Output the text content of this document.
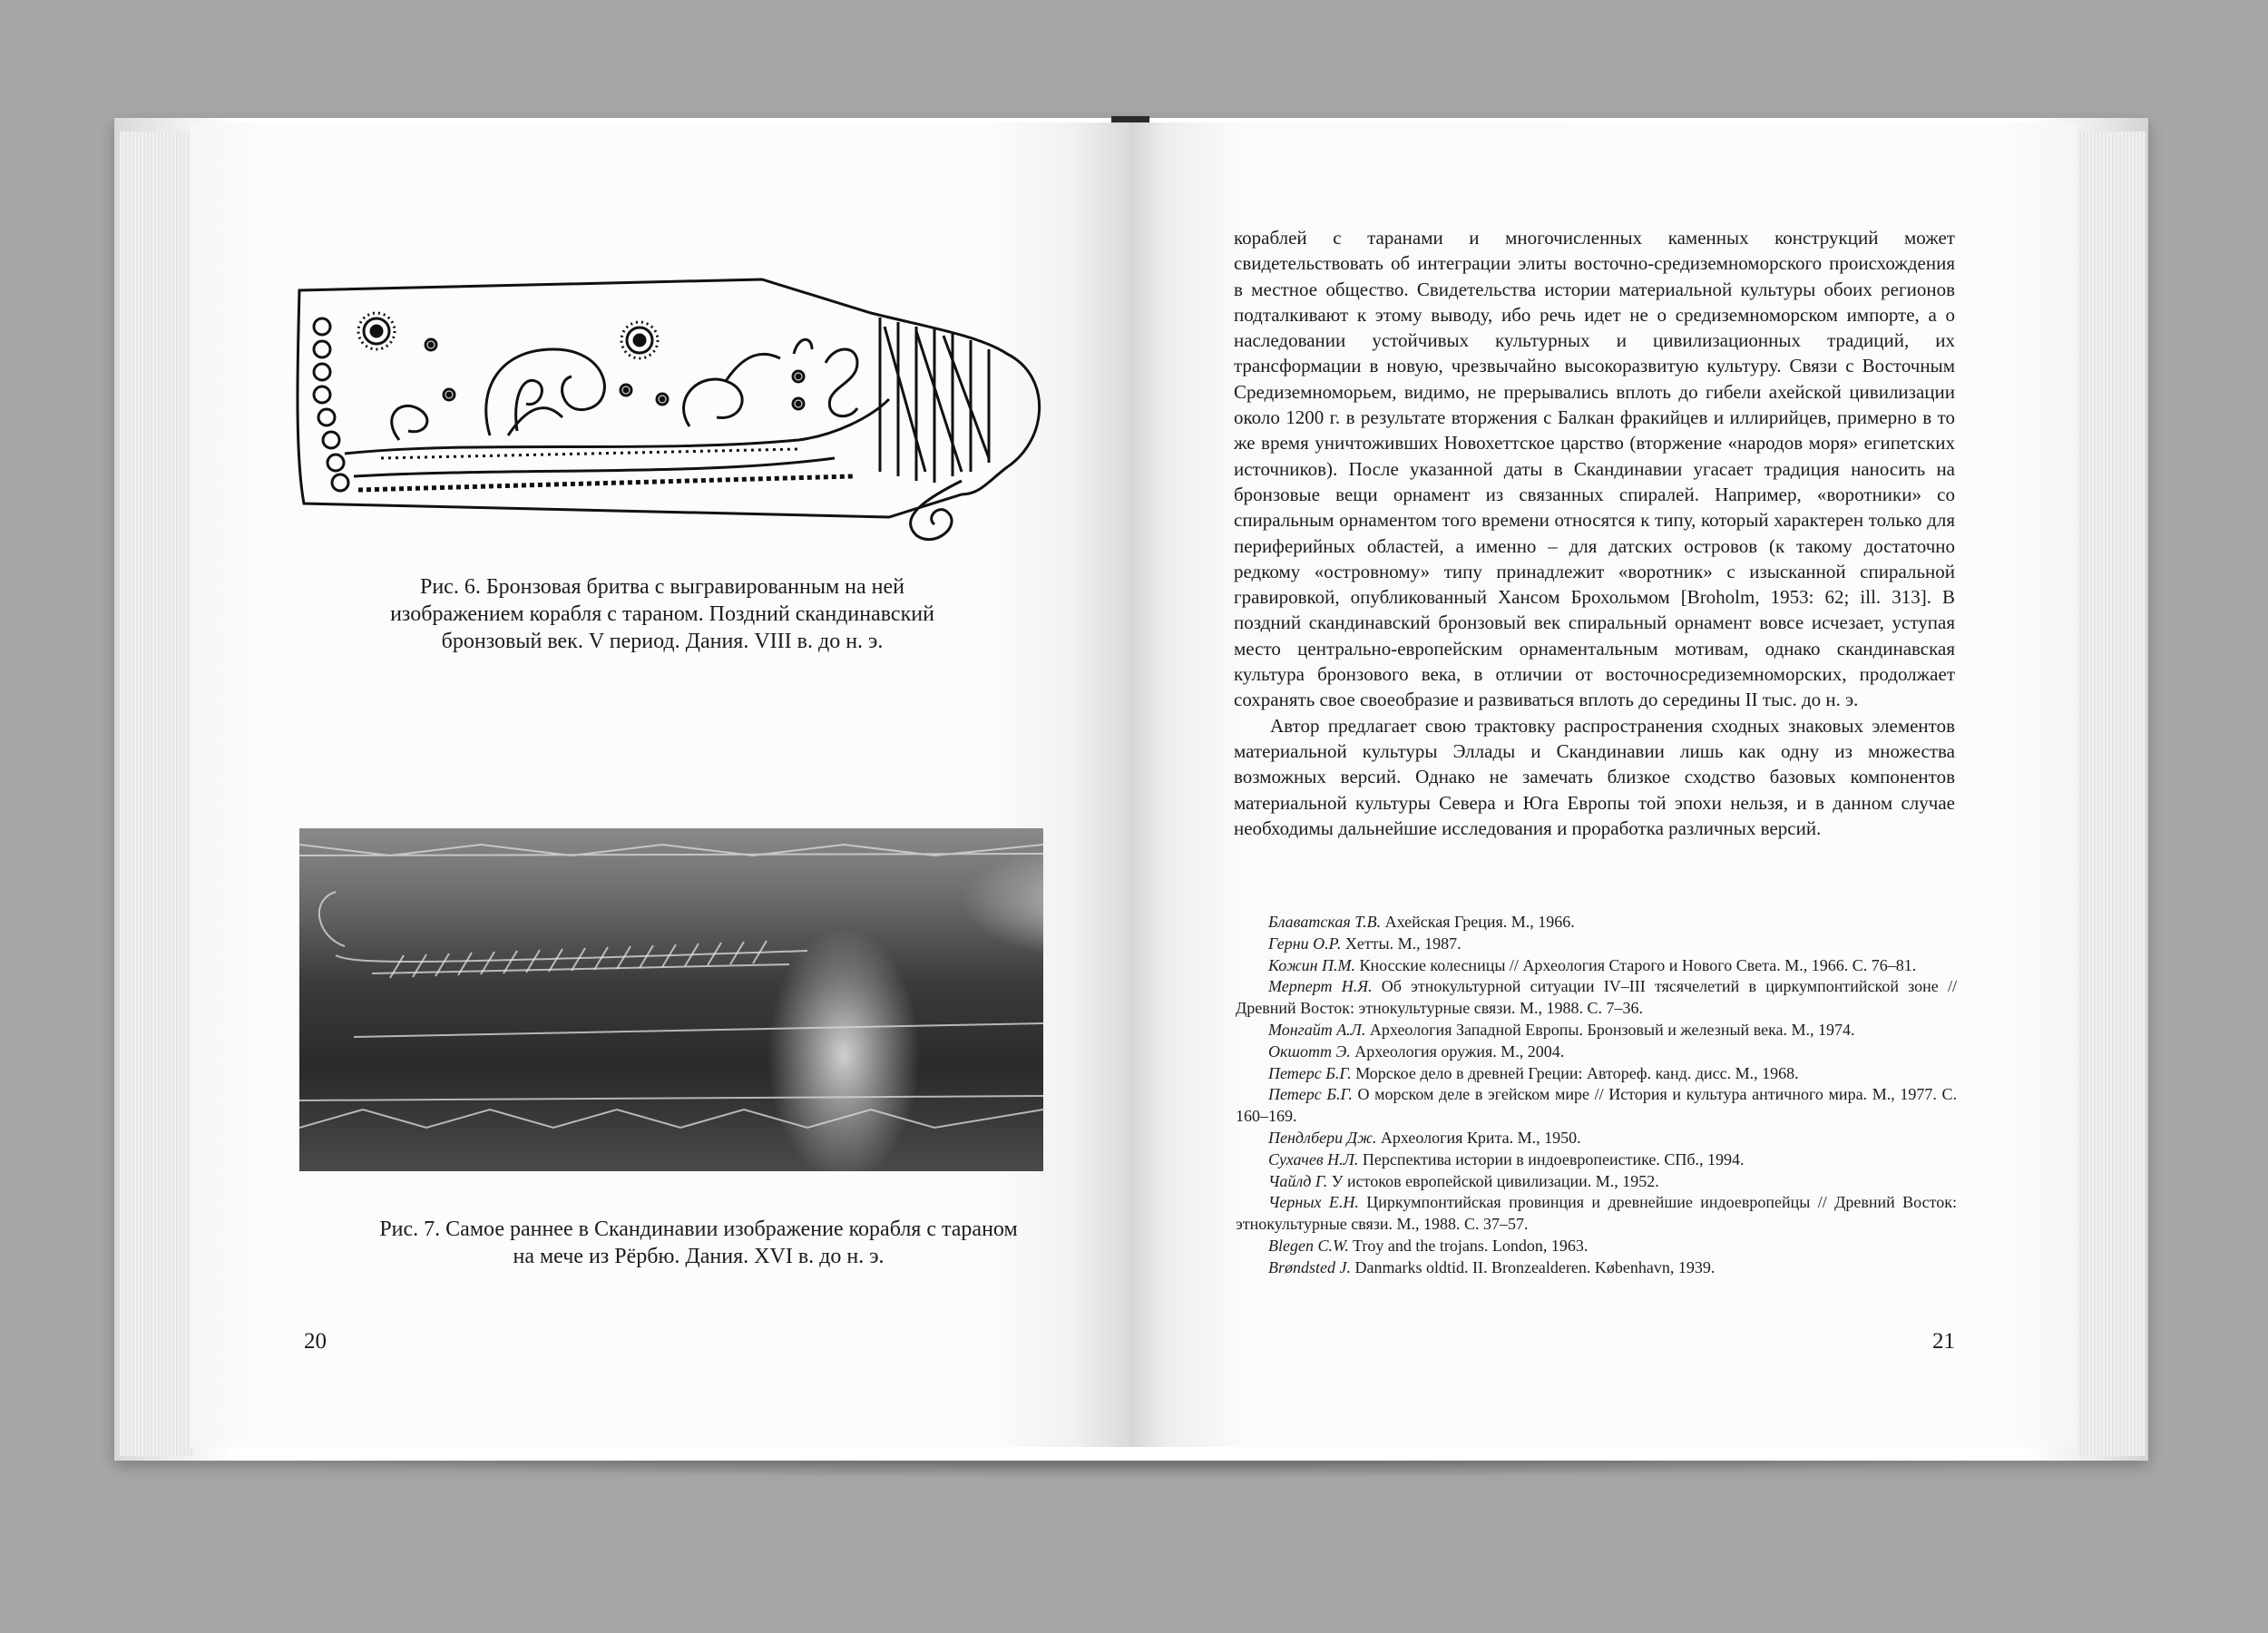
Рис. 6. Бронзовая бритва с выгравированным на ней изображением корабля с тараном. Поздний скандинавский бронзовый век. V период. Дания. VIII в. до н. э.
Рис. 7. Самое раннее в Скандинавии изображение корабля с тараном на мече из Рёрбю. Дания. XVI в. до н. э.
20

кораблей с таранами и многочисленных каменных конструкций может свидетельствовать об интеграции элиты восточно-средиземноморского происхождения в местное общество. Свидетельства истории материальной культуры обоих регионов подталкивают к этому выводу, ибо речь идет не о средиземноморском импорте, а о наследовании устойчивых культурных и цивилизационных традиций, их трансформации в новую, чрезвычайно высокоразвитую культуру. Связи с Восточным Средиземноморьем, видимо, не прерывались вплоть до гибели ахейской цивилизации около 1200 г. в результате вторжения с Балкан фракийцев и иллирийцев, примерно в то же время уничтоживших Новохеттское царство (вторжение «народов моря» египетских источников). После указанной даты в Скандинавии угасает традиция наносить на бронзовые вещи орнамент из связанных спиралей. Например, «воротники» со спиральным орнаментом того времени относятся к типу, который характерен только для периферийных областей, а именно – для датских островов (к такому достаточно редкому «островному» типу принадлежит «воротник» с изысканной спиральной гравировкой, опубликованный Хансом Брохольмом [Broholm, 1953: 62; ill. 313]. В поздний скандинавский бронзовый век спиральный орнамент вовсе исчезает, уступая место центрально-европейским орнаментальным мотивам, однако скандинавская культура бронзового века, в отличии от восточносредиземноморских, продолжает сохранять свое своеобразие и развиваться вплоть до середины II тыс. до н. э.

Автор предлагает свою трактовку распространения сходных знаковых элементов материальной культуры Эллады и Скандинавии лишь как одну из множества возможных версий. Однако не замечать близкое сходство базовых компонентов материальной культуры Севера и Юга Европы той эпохи нельзя, и в данном случае необходимы дальнейшие исследования и проработка различных версий.

Блаватская Т.В. Ахейская Греция. М., 1966.
Герни О.Р. Хетты. М., 1987.
Кожин П.М. Кносские колесницы // Археология Старого и Нового Света. М., 1966. С. 76–81.
Мерперт Н.Я. Об этнокультурной ситуации IV–III тясячелетий в циркумпонтийской зоне // Древний Восток: этнокультурные связи. М., 1988. С. 7–36.
Монгайт А.Л. Археология Западной Европы. Бронзовый и железный века. М., 1974.
Окшотт Э. Археология оружия. М., 2004.
Петерс Б.Г. Морское дело в древней Греции: Автореф. канд. дисс. М., 1968.
Петерс Б.Г. О морском деле в эгейском мире // История и культура античного мира. М., 1977. С. 160–169.
Пендлбери Дж. Археология Крита. М., 1950.
Сухачев Н.Л. Перспектива истории в индоевропеистике. СПб., 1994.
Чайлд Г. У истоков европейской цивилизации. М., 1952.
Черных Е.Н. Циркумпонтийская провинция и древнейшие индоевропейцы // Древний Восток: этнокультурные связи. М., 1988. С. 37–57.
Blegen C.W. Troy and the trojans. London, 1963.
Brøndsted J. Danmarks oldtid. II. Bronzealderen. København, 1939.
21
